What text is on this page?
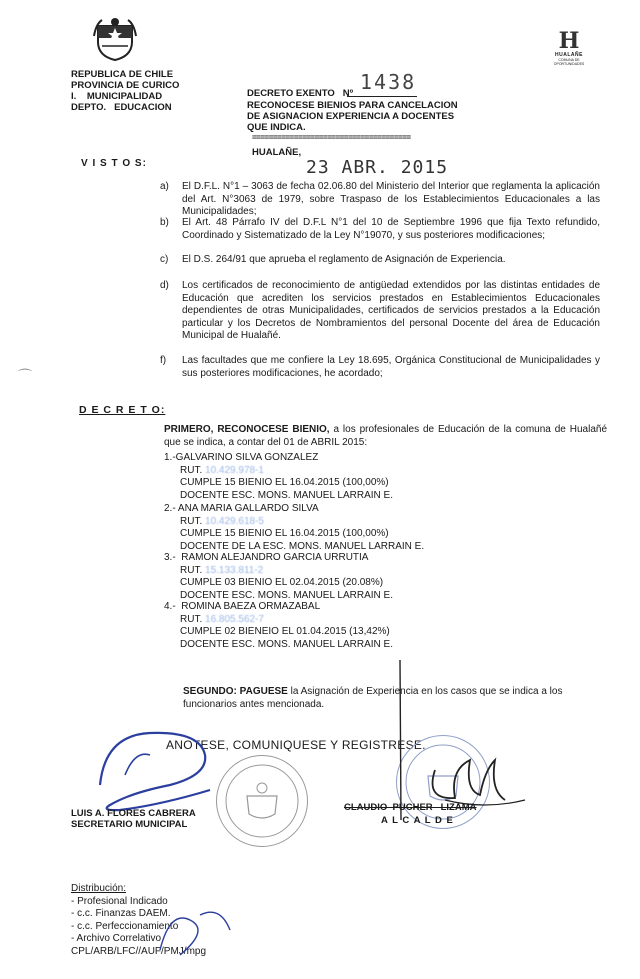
REPUBLICA DE CHILE
PROVINCIA DE CURICO
I.    MUNICIPALIDAD
DEPTO.   EDUCACION
H
HUALAÑE
COMUNA DE OPORTUNIDADES
DECRETO EXENTO   Nº 1438
RECONOCESE BIENIOS PARA CANCELACION
DE ASIGNACION EXPERIENCIA A DOCENTES
QUE INDICA.
======================================
HUALAÑE,
23 ABR. 2015
V I S T O S:
a) El D.F.L. N°1 – 3063 de fecha 02.06.80 del Ministerio del Interior que reglamenta la aplicación del Art. N°3063 de 1979, sobre Traspaso de los Establecimientos Educacionales a las Municipalidades;
b) El Art. 48 Párrafo IV del D.F.L N°1 del 10 de Septiembre 1996 que fija Texto refundido, Coordinado y Sistematizado de la Ley N°19070, y sus posteriores modificaciones;
c) El D.S. 264/91 que aprueba el reglamento de Asignación de Experiencia.
d) Los certificados de reconocimiento de antigüedad extendidos por las distintas entidades de Educación que acrediten los servicios prestados en Establecimientos Educacionales dependientes de otras Municipalidades, certificados de servicios prestados a la Educación particular y los Decretos de Nombramientos del personal Docente del área de Educación Municipal de Hualañé.
f) Las facultades que me confiere la Ley 18.695, Orgánica Constitucional de Municipalidades y sus posteriores modificaciones, he acordado;
⌒
D E C R E T O:
PRIMERO, RECONOCESE BIENIO, a los profesionales de Educación de la comuna de Hualañé que se indica, a contar del 01 de ABRIL 2015:
1.-GALVARINO SILVA GONZALEZ
RUT. 10.429.978-1
CUMPLE 15 BIENIO EL 16.04.2015 (100,00%)
DOCENTE ESC. MONS. MANUEL LARRAIN E.
2.- ANA MARIA GALLARDO SILVA
RUT. 10.429.618-5
CUMPLE 15 BIENIO EL 16.04.2015 (100,00%)
DOCENTE DE LA ESC. MONS. MANUEL LARRAIN E.
3.-  RAMON ALEJANDRO GARCIA URRUTIA
RUT. 15.133.811-2
CUMPLE 03 BIENIO EL 02.04.2015 (20.08%)
DOCENTE ESC. MONS. MANUEL LARRAIN E.
4.-  ROMINA BAEZA ORMAZABAL
RUT. 16.805.562-7
CUMPLE 02 BIENEIO EL 01.04.2015 (13,42%)
DOCENTE ESC. MONS. MANUEL LARRAIN E.
SEGUNDO: PAGUESE la Asignación de Experiencia en los casos que se indica a los funcionarios antes mencionada.
ANOTESE, COMUNIQUESE Y REGISTRESE.
LUIS A. FLORES CABRERA
SECRETARIO MUNICIPAL
CLAUDIO  PUCHER   LIZAMA
A L C A L D E
Distribución:
- Profesional Indicado
- c.c. Finanzas DAEM.
- c.c. Perfeccionamiento
- Archivo Correlativo
CPL/ARB/LFC//AUF/PMJ/mpg
